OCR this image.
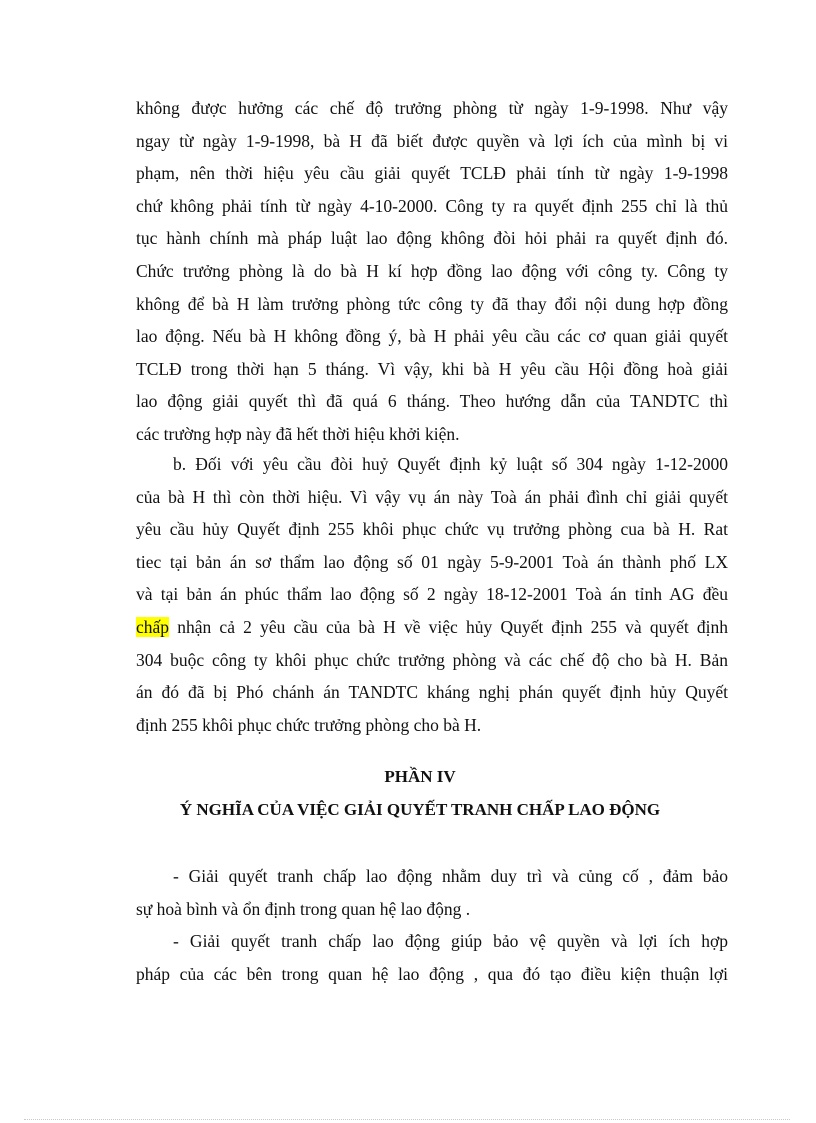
không được hưởng các chế độ trưởng phòng từ ngày 1-9-1998. Như vậy
ngay từ ngày 1-9-1998, bà H đã biết được quyền và lợi ích của mình bị vi
phạm, nên thời hiệu yêu cầu giải quyết TCLĐ phải tính từ ngày 1-9-1998
chứ không phải tính từ ngày 4-10-2000. Công ty ra quyết định 255 chỉ là thủ
tục hành chính mà pháp luật lao động không đòi hỏi phải ra quyết định đó.
Chức trưởng phòng là do bà H kí hợp đồng lao động với công ty. Công ty
không để bà H làm trưởng phòng tức công ty đã thay đổi nội dung hợp đồng
lao động. Nếu bà H không đồng ý, bà H phải yêu cầu các cơ quan giải quyết
TCLĐ trong thời hạn 5 tháng. Vì vậy, khi bà H yêu cầu Hội đồng hoà giải
lao động giải quyết thì đã quá 6 tháng. Theo hướng dẫn của TANDTC thì
các trường hợp này đã hết thời hiệu khởi kiện.

b. Đối với yêu cầu đòi huỷ Quyết định kỷ luật số 304 ngày 1-12-2000
của bà H thì còn thời hiệu. Vì vậy vụ án này Toà án phải đình chỉ giải quyết
yêu cầu hủy Quyết định 255 khôi phục chức vụ trưởng phòng cua bà H. Rat
tiec tại bản án sơ thẩm lao động số 01 ngày 5-9-2001 Toà án thành phố LX
và tại bản án phúc thẩm lao động số 2 ngày 18-12-2001 Toà án tỉnh AG đều
chấp nhận cả 2 yêu cầu của bà H về việc hủy Quyết định 255 và quyết định
304 buộc công ty khôi phục chức trưởng phòng và các chế độ cho bà H. Bản
án đó đã bị Phó chánh án TANDTC kháng nghị phán quyết định hủy Quyết
định 255 khôi phục chức trưởng phòng cho bà H.

PHẦN IV
Ý NGHĨA CỦA VIỆC GIẢI QUYẾT TRANH CHẤP LAO ĐỘNG

- Giải quyết tranh chấp lao động nhằm duy trì và củng cố , đảm bảo
sự hoà bình và ổn định trong quan hệ lao động .

- Giải quyết tranh chấp lao động giúp bảo vệ quyền và lợi ích hợp
pháp của các bên trong quan hệ lao động , qua đó tạo điều kiện thuận lợi
